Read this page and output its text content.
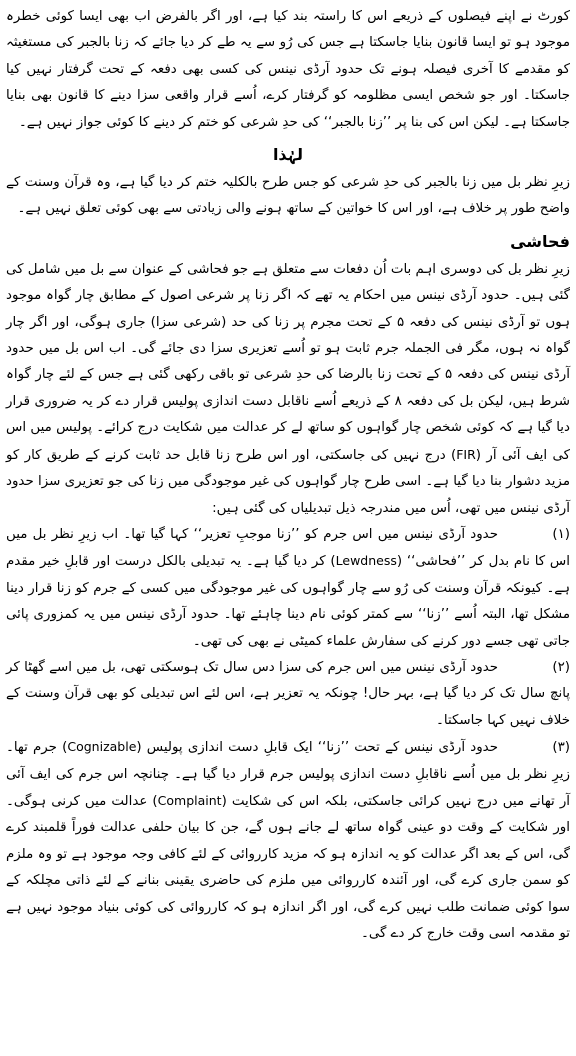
کورٹ نے اپنے فیصلوں کے ذریعے اس کا راستہ بند کیا ہے، اور اگر بالفرض اب بھی ایسا کوئی خطرہ موجود ہو تو ایسا قانون بنایا جاسکتا ہے جس کی رُو سے یہ طے کر دیا جائے کہ زنا بالجبر کی مستغیثہ کو مقدمے کا آخری فیصلہ ہونے تک حدود آرڈی نینس کی کسی بھی دفعہ کے تحت گرفتار نہیں کیا جاسکتا۔ اور جو شخص ایسی مظلومہ کو گرفتار کرے، اُسے قرار واقعی سزا دینے کا قانون بھی بنایا جاسکتا ہے۔ لیکن اس کی بنا پر ’’زنا بالجبر‘‘ کی حدِ شرعی کو ختم کر دینے کا کوئی جواز نہیں ہے۔

لہٰذا

زیرِ نظر بل میں زنا بالجبر کی حدِ شرعی کو جس طرح بالکلیہ ختم کر دیا گیا ہے، وہ قرآن وسنت کے واضح طور پر خلاف ہے، اور اس کا خواتین کے ساتھ ہونے والی زیادتی سے بھی کوئی تعلق نہیں ہے۔

فحاشی

زیرِ نظر بل کی دوسری اہم بات اُن دفعات سے متعلق ہے جو فحاشی کے عنوان سے بل میں شامل کی گئی ہیں۔ حدود آرڈی نینس میں احکام یہ تھے کہ اگر زنا پر شرعی اصول کے مطابق چار گواہ موجود ہوں تو آرڈی نینس کی دفعہ ۵ کے تحت مجرم پر زنا کی حد (شرعی سزا) جاری ہوگی، اور اگر چار گواہ نہ ہوں، مگر فی الجملہ جرم ثابت ہو تو اُسے تعزیری سزا دی جائے گی۔ اب اس بل میں حدود آرڈی نینس کی دفعہ ۵ کے تحت زنا بالرضا کی حدِ شرعی تو باقی رکھی گئی ہے جس کے لئے چار گواہ شرط ہیں، لیکن بل کی دفعہ ۸ کے ذریعے اُسے ناقابل دست اندازی پولیس قرار دے کر یہ ضروری قرار دیا گیا ہے کہ کوئی شخص چار گواہوں کو ساتھ لے کر عدالت میں شکایت درج کرائے۔ پولیس میں اس کی ایف آئی آر (FIR) درج نہیں کی جاسکتی، اور اس طرح زنا قابل حد ثابت کرنے کے طریق کار کو مزید دشوار بنا دیا گیا ہے۔ اسی طرح چار گواہوں کی غیر موجودگی میں زنا کی جو تعزیری سزا حدود آرڈی نینس میں تھی، اُس میں مندرجہ ذیل تبدیلیاں کی گئی ہیں:

(۱)حدود آرڈی نینس میں اس جرم کو ’’زنا موجبِ تعزیر‘‘ کہا گیا تھا۔ اب زیرِ نظر بل میں اس کا نام بدل کر ’’فحاشی‘‘ (Lewdness) کر دیا گیا ہے۔ یہ تبدیلی بالکل درست اور قابلِ خیر مقدم ہے۔ کیونکہ قرآن وسنت کی رُو سے چار گواہوں کی غیر موجودگی میں کسی کے جرم کو زنا قرار دینا مشکل تھا، البتہ اُسے ’’زنا‘‘ سے کمتر کوئی نام دینا چاہئے تھا۔ حدود آرڈی نینس میں یہ کمزوری پائی جاتی تھی جسے دور کرنے کی سفارش علماء کمیٹی نے بھی کی تھی۔

(۲)حدود آرڈی نینس میں اس جرم کی سزا دس سال تک ہوسکتی تھی، بل میں اسے گھٹا کر پانچ سال تک کر دیا گیا ہے، بہر حال! چونکہ یہ تعزیر ہے، اس لئے اس تبدیلی کو بھی قرآن وسنت کے خلاف نہیں کہا جاسکتا۔

(۳)حدود آرڈی نینس کے تحت ’’زنا‘‘ ایک قابلِ دست اندازی پولیس (Cognizable) جرم تھا۔ زیرِ نظر بل میں اُسے ناقابلِ دست اندازی پولیس جرم قرار دیا گیا ہے۔ چنانچہ اس جرم کی ایف آئی آر تھانے میں درج نہیں کرائی جاسکتی، بلکہ اس کی شکایت (Complaint) عدالت میں کرنی ہوگی۔ اور شکایت کے وقت دو عینی گواہ ساتھ لے جانے ہوں گے، جن کا بیان حلفی عدالت فوراً قلمبند کرے گی، اس کے بعد اگر عدالت کو یہ اندازہ ہو کہ مزید کارروائی کے لئے کافی وجہ موجود ہے تو وہ ملزم کو سمن جاری کرے گی، اور آئندہ کارروائی میں ملزم کی حاضری یقینی بنانے کے لئے ذاتی مچلکہ کے سوا کوئی ضمانت طلب نہیں کرے گی، اور اگر اندازہ ہو کہ کارروائی کی کوئی بنیاد موجود نہیں ہے تو مقدمہ اسی وقت خارج کر دے گی۔
